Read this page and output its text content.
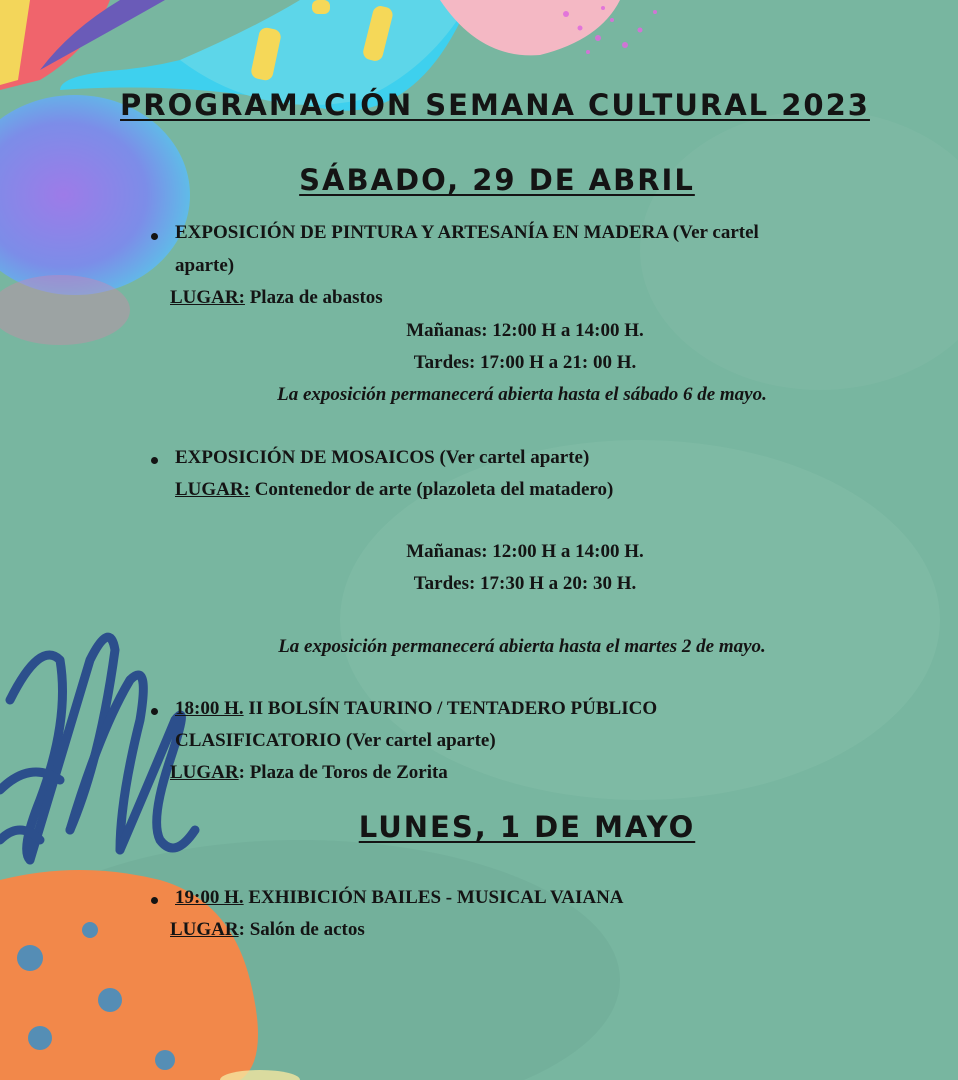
PROGRAMACIÓN SEMANA CULTURAL 2023
SÁBADO, 29 DE ABRIL
EXPOSICIÓN DE PINTURA Y ARTESANÍA EN MADERA (Ver cartel
aparte)
LUGAR: Plaza de abastos
Mañanas: 12:00 H a 14:00 H.
Tardes: 17:00 H a 21: 00 H.
La exposición permanecerá abierta hasta el sábado 6 de mayo.
EXPOSICIÓN DE MOSAICOS (Ver cartel aparte)
LUGAR: Contenedor de arte (plazoleta del matadero)
Mañanas: 12:00 H a 14:00 H.
Tardes: 17:30 H a 20: 30 H.
La exposición permanecerá abierta hasta el martes 2 de mayo.
18:00 H. II BOLSÍN TAURINO / TENTADERO PÚBLICO
CLASIFICATORIO (Ver cartel aparte)
LUGAR: Plaza de Toros de Zorita
LUNES, 1 DE MAYO
19:00 H. EXHIBICIÓN BAILES - MUSICAL VAIANA
LUGAR: Salón de actos
